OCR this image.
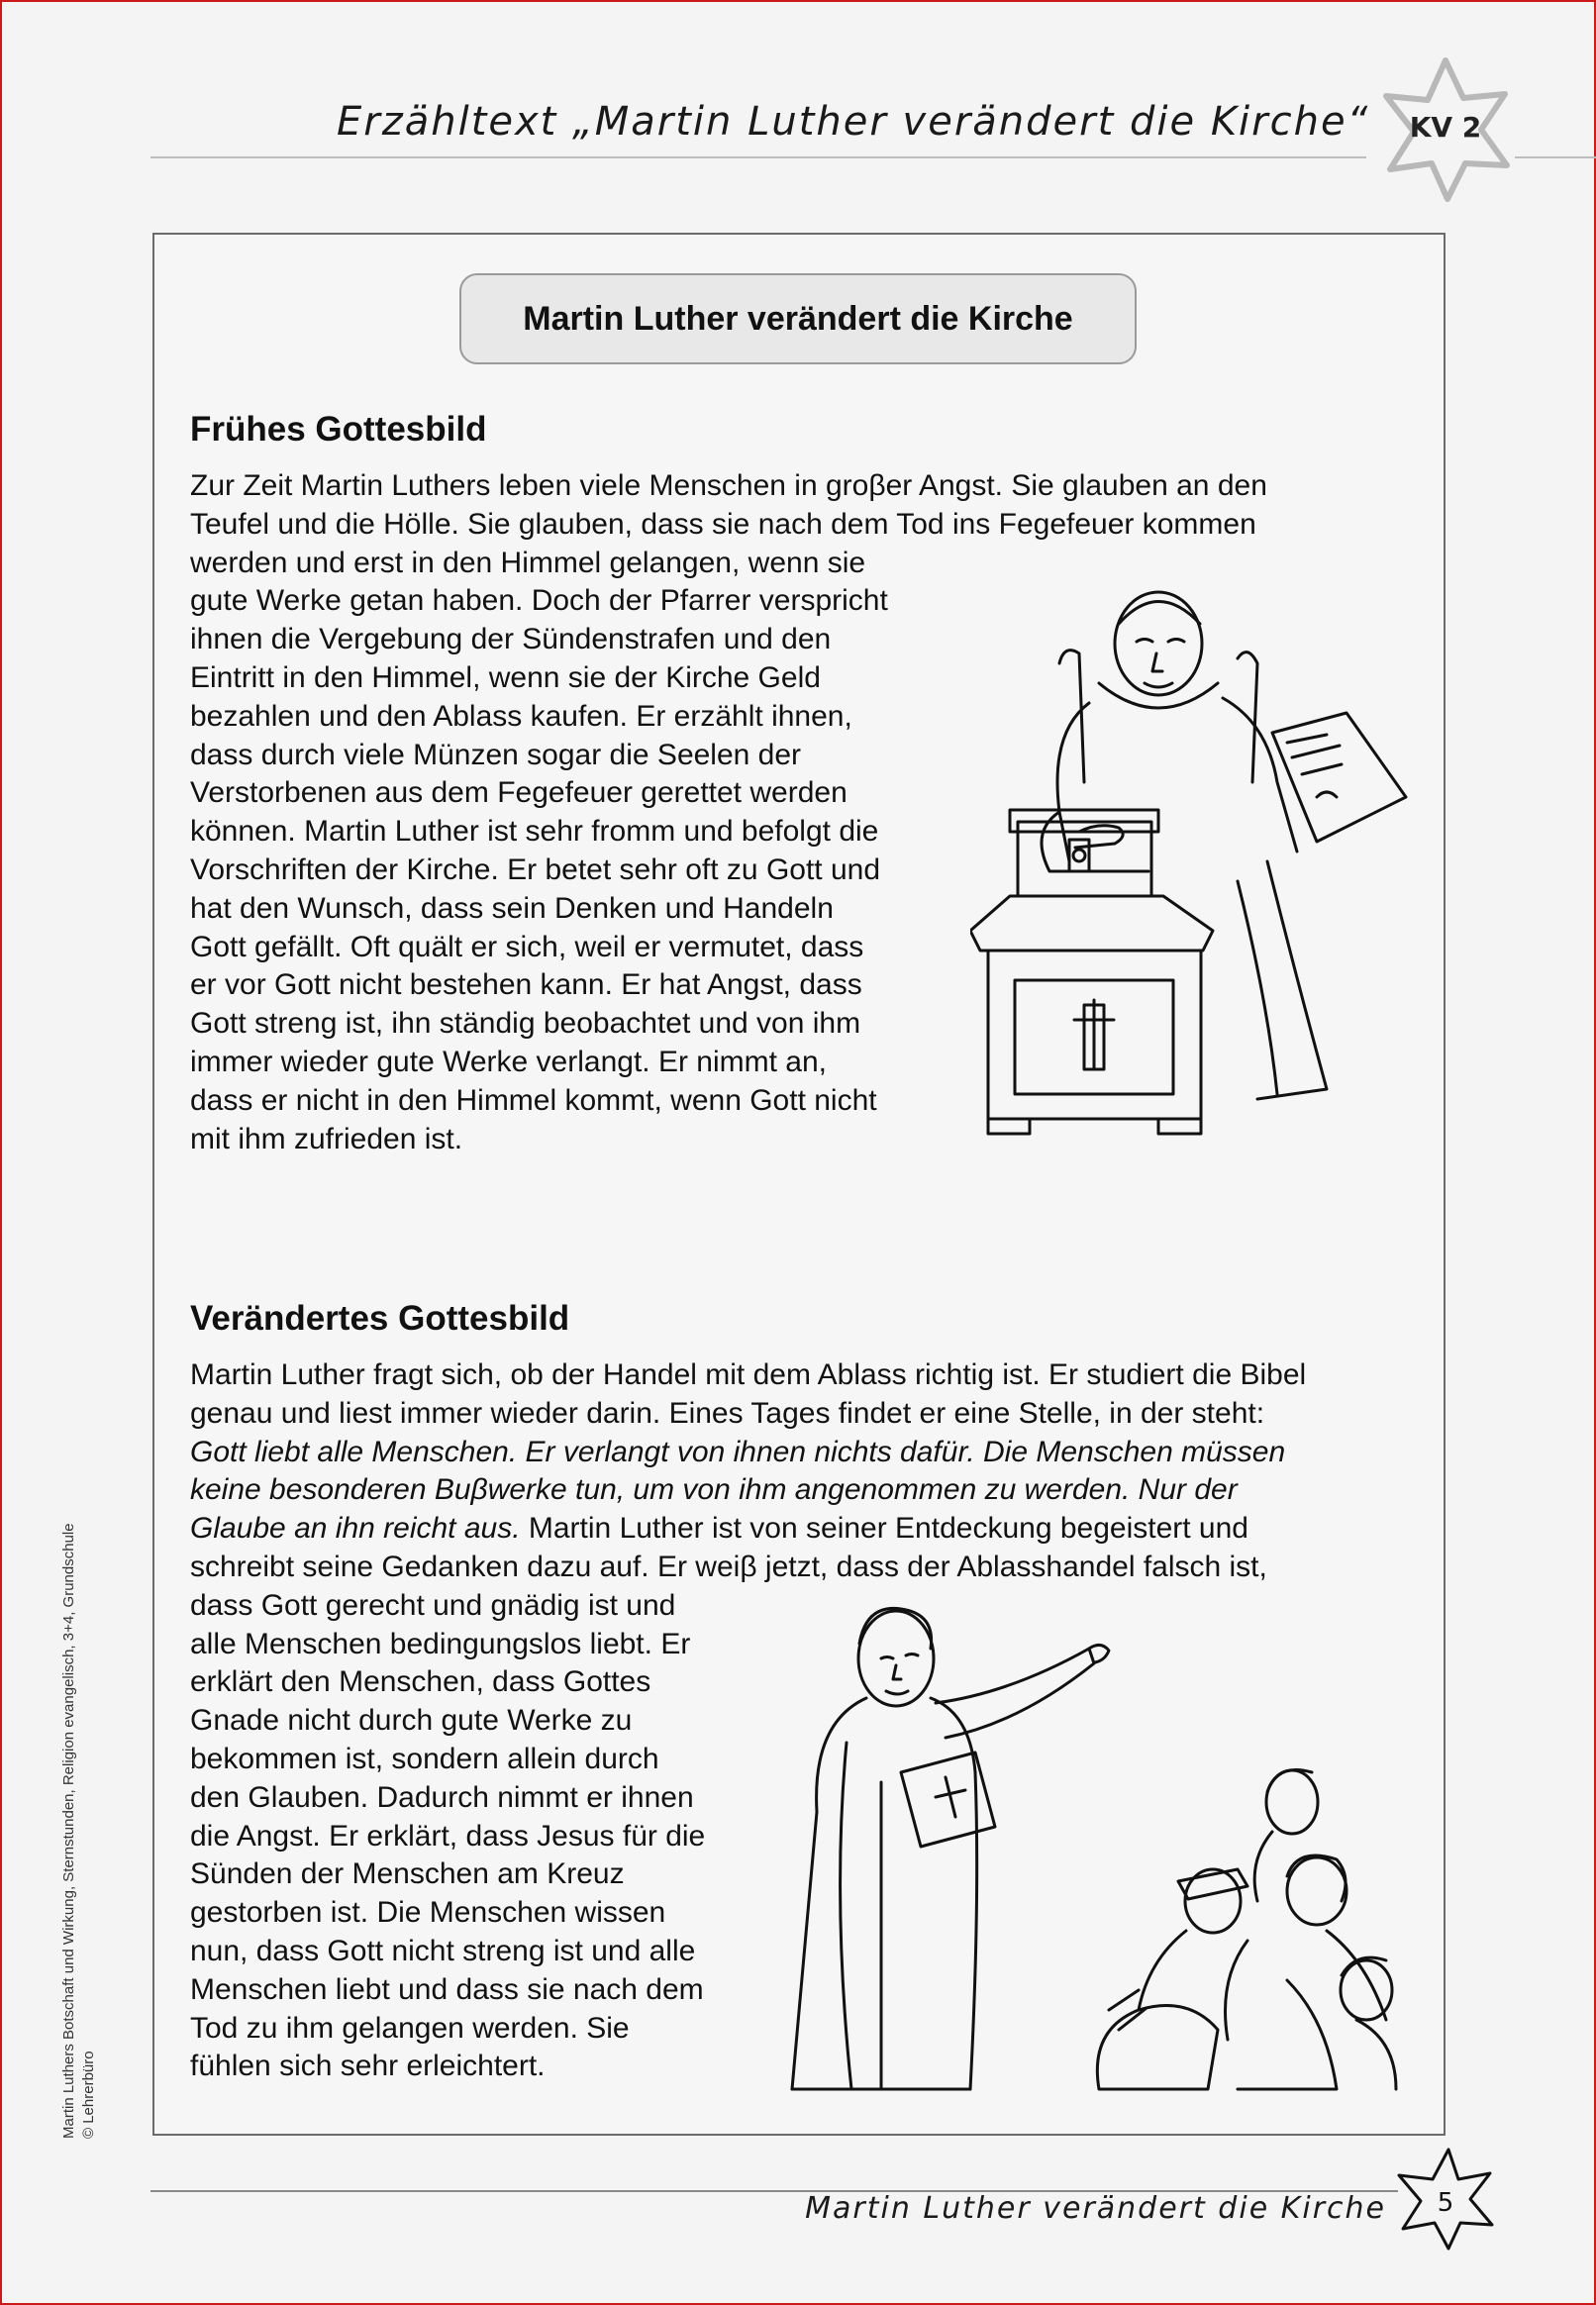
Erzähltext „Martin Luther verändert die Kirche“ KV 2
Martin Luther verändert die Kirche
Frühes Gottesbild

Zur Zeit Martin Luthers leben viele Menschen in groβer Angst. Sie glauben an den

Teufel und die Hölle. Sie glauben, dass sie nach dem Tod ins Fegefeuer kommen

werden und erst in den Himmel gelangen, wenn sie

gute Werke getan haben. Doch der Pfarrer verspricht

ihnen die Vergebung der Sündenstrafen und den

Eintritt in den Himmel, wenn sie der Kirche Geld

bezahlen und den Ablass kaufen. Er erzählt ihnen,

dass durch viele Münzen sogar die Seelen der

Verstorbenen aus dem Fegefeuer gerettet werden

können. Martin Luther ist sehr fromm und befolgt die

Vorschriften der Kirche. Er betet sehr oft zu Gott und

hat den Wunsch, dass sein Denken und Handeln

Gott gefällt. Oft quält er sich, weil er vermutet, dass

er vor Gott nicht bestehen kann. Er hat Angst, dass

Gott streng ist, ihn ständig beobachtet und von ihm

immer wieder gute Werke verlangt. Er nimmt an,

dass er nicht in den Himmel kommt, wenn Gott nicht

mit ihm zufrieden ist.

Verändertes Gottesbild

Martin Luther fragt sich, ob der Handel mit dem Ablass richtig ist. Er studiert die Bibel

genau und liest immer wieder darin. Eines Tages findet er eine Stelle, in der steht:

Gott liebt alle Menschen. Er verlangt von ihnen nichts dafür. Die Menschen müssen

keine besonderen Buβwerke tun, um von ihm angenommen zu werden. Nur der

Glaube an ihn reicht aus. Martin Luther ist von seiner Entdeckung begeistert und

schreibt seine Gedanken dazu auf. Er weiβ jetzt, dass der Ablasshandel falsch ist,

dass Gott gerecht und gnädig ist und

alle Menschen bedingungslos liebt. Er

erklärt den Menschen, dass Gottes

Gnade nicht durch gute Werke zu

bekommen ist, sondern allein durch

den Glauben. Dadurch nimmt er ihnen

die Angst. Er erklärt, dass Jesus für die

Sünden der Menschen am Kreuz

gestorben ist. Die Menschen wissen

nun, dass Gott nicht streng ist und alle

Menschen liebt und dass sie nach dem

Tod zu ihm gelangen werden. Sie

fühlen sich sehr erleichtert.

Martin Luthers Botschaft und Wirkung, Sternstunden, Religion evangelisch, 3+4, Grundschule © Lehrerbüro
Martin Luther verändert die Kirche	5
